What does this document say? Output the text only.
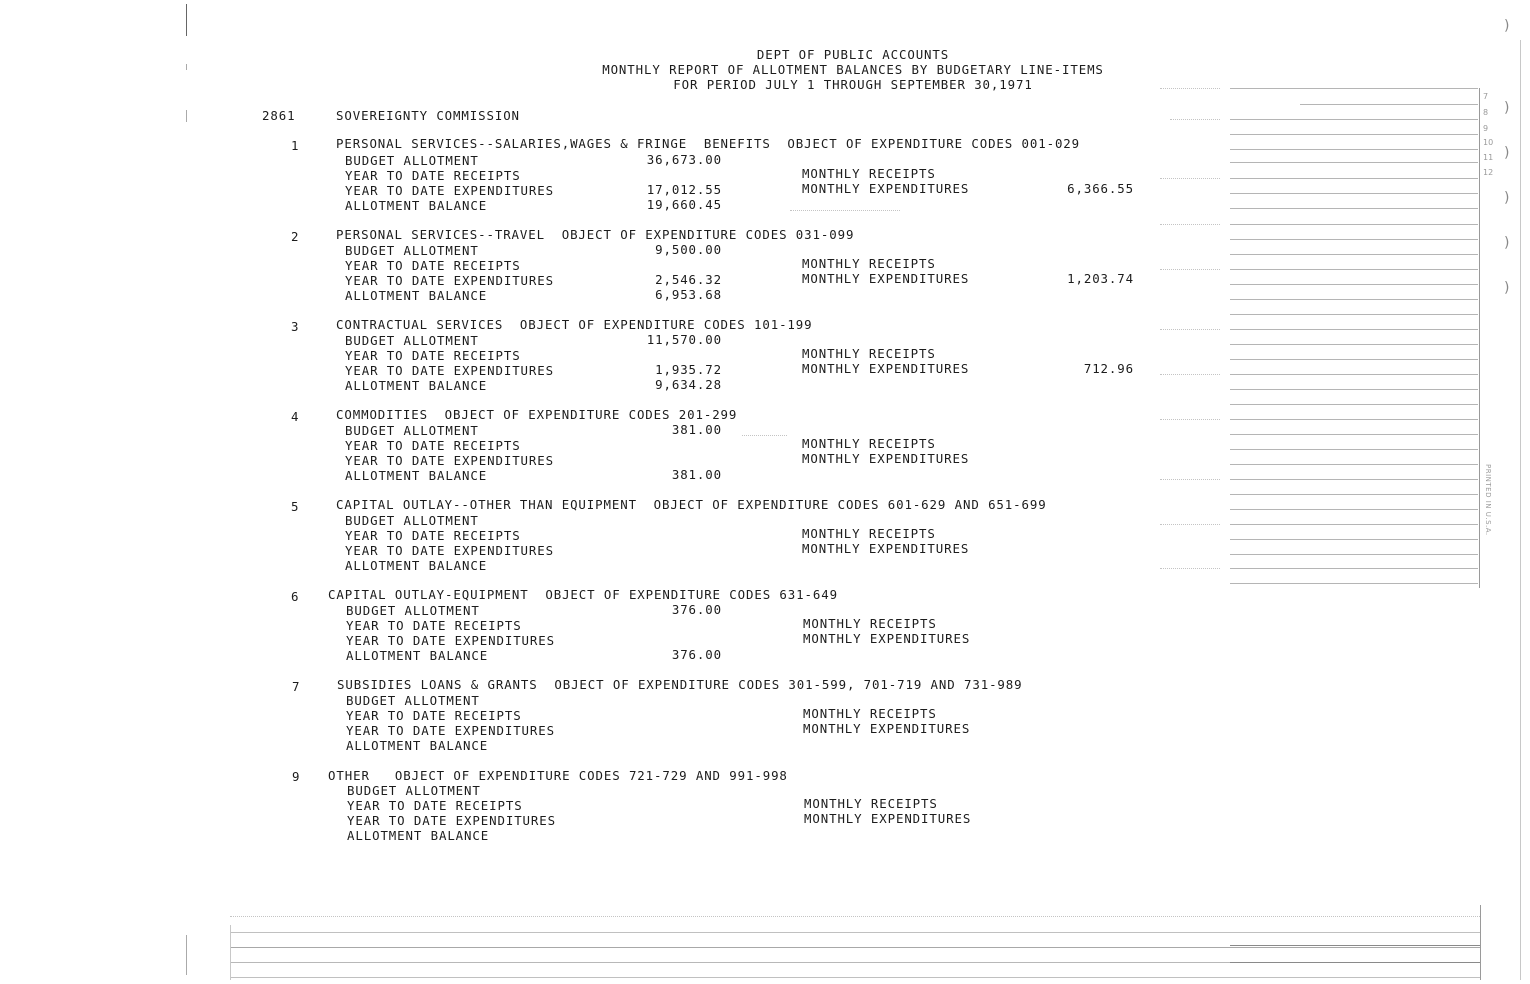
DEPT OF PUBLIC ACCOUNTS
MONTHLY REPORT OF ALLOTMENT BALANCES BY BUDGETARY LINE-ITEMS
FOR PERIOD JULY 1 THROUGH SEPTEMBER 30,1971
2861	SOVEREIGNTY COMMISSION
1	PERSONAL SERVICES--SALARIES,WAGES & FRINGE  BENEFITS  OBJECT OF EXPENDITURE CODES 001-029
BUDGET ALLOTMENT	36,673.00
YEAR TO DATE RECEIPTS	MONTHLY RECEIPTS
YEAR TO DATE EXPENDITURES	17,012.55	MONTHLY EXPENDITURES	6,366.55
ALLOTMENT BALANCE	19,660.45
2	PERSONAL SERVICES--TRAVEL  OBJECT OF EXPENDITURE CODES 031-099
BUDGET ALLOTMENT	9,500.00
YEAR TO DATE RECEIPTS	MONTHLY RECEIPTS
YEAR TO DATE EXPENDITURES	2,546.32	MONTHLY EXPENDITURES	1,203.74
ALLOTMENT BALANCE	6,953.68
3	CONTRACTUAL SERVICES  OBJECT OF EXPENDITURE CODES 101-199
BUDGET ALLOTMENT	11,570.00
YEAR TO DATE RECEIPTS	MONTHLY RECEIPTS
YEAR TO DATE EXPENDITURES	1,935.72	MONTHLY EXPENDITURES	712.96
ALLOTMENT BALANCE	9,634.28
4	COMMODITIES  OBJECT OF EXPENDITURE CODES 201-299
BUDGET ALLOTMENT	381.00
YEAR TO DATE RECEIPTS	MONTHLY RECEIPTS
YEAR TO DATE EXPENDITURES	MONTHLY EXPENDITURES
ALLOTMENT BALANCE	381.00
5	CAPITAL OUTLAY--OTHER THAN EQUIPMENT  OBJECT OF EXPENDITURE CODES 601-629 AND 651-699
BUDGET ALLOTMENT
YEAR TO DATE RECEIPTS	MONTHLY RECEIPTS
YEAR TO DATE EXPENDITURES	MONTHLY EXPENDITURES
ALLOTMENT BALANCE
6 CAPITAL OUTLAY-EQUIPMENT  OBJECT OF EXPENDITURE CODES 631-649
BUDGET ALLOTMENT	376.00
YEAR TO DATE RECEIPTS	MONTHLY RECEIPTS
YEAR TO DATE EXPENDITURES	MONTHLY EXPENDITURES
ALLOTMENT BALANCE	376.00
7	SUBSIDIES LOANS & GRANTS  OBJECT OF EXPENDITURE CODES 301-599, 701-719 AND 731-989
BUDGET ALLOTMENT
YEAR TO DATE RECEIPTS	MONTHLY RECEIPTS
YEAR TO DATE EXPENDITURES	MONTHLY EXPENDITURES
ALLOTMENT BALANCE
9 OTHER   OBJECT OF EXPENDITURE CODES 721-729 AND 991-998
BUDGET ALLOTMENT
YEAR TO DATE RECEIPTS	MONTHLY RECEIPTS
YEAR TO DATE EXPENDITURES	MONTHLY EXPENDITURES
ALLOTMENT BALANCE
7
8
9
10
11
12
)
)
)
)
)
)
PRINTED IN U.S.A.
